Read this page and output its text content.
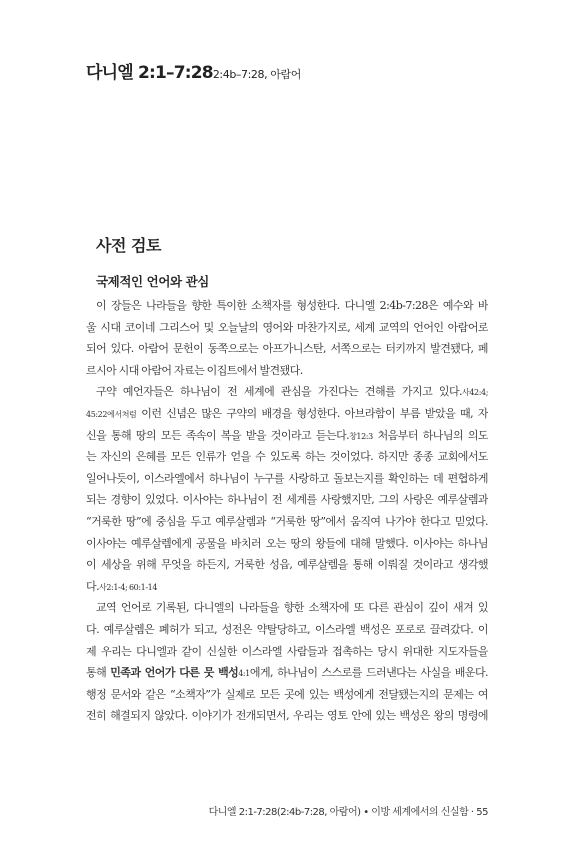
다니엘 2:1–7:282:4b–7:28, 아람어
사전 검토
국제적인 언어와 관심
이 장들은 나라들을 향한 특이한 소책자를 형성한다. 다니엘 2:4b-7:28은 예수와 바
울 시대 코이네 그리스어 및 오늘날의 영어와 마찬가지로, 세계 교역의 언어인 아람어로
되어 있다. 아람어 문헌이 동쪽으로는 아프가니스탄, 서쪽으로는 터키까지 발견됐다, 페
르시아 시대 아람어 자료는 이집트에서 발견됐다.
구약 예언자들은 하나님이 전 세계에 관심을 가진다는 견해를 가지고 있다.사42:4;
45:22에서처럼 이런 신념은 많은 구약의 배경을 형성한다. 아브라함이 부름 받았을 때, 자
신을 통해 땅의 모든 족속이 복을 받을 것이라고 듣는다.창12:3 처음부터 하나님의 의도
는 자신의 은혜를 모든 인류가 얻을 수 있도록 하는 것이었다. 하지만 종종 교회에서도
일어나듯이, 이스라엘에서 하나님이 누구를 사랑하고 돌보는지를 확인하는 데 편협하게
되는 경향이 있었다. 이사야는 하나님이 전 세계를 사랑했지만, 그의 사랑은 예루살렘과
“거룩한 땅”에 중심을 두고 예루살렘과 “거룩한 땅”에서 움직여 나가야 한다고 믿었다.
이사야는 예루살렘에게 공물을 바치러 오는 땅의 왕들에 대해 말했다. 이사야는 하나님
이 세상을 위해 무엇을 하든지, 거룩한 성읍, 예루살렘을 통해 이뤄질 것이라고 생각했
다.사2:1-4; 60:1-14
교역 언어로 기록된, 다니엘의 나라들을 향한 소책자에 또 다른 관심이 깊이 새겨 있
다. 예루살렘은 폐허가 되고, 성전은 약탈당하고, 이스라엘 백성은 포로로 끌려갔다. 이
제 우리는 다니엘과 같이 신실한 이스라엘 사람들과 접촉하는 당시 위대한 지도자들을
통해 민족과 언어가 다른 뭇 백성4:1에게, 하나님이 스스로를 드러낸다는 사실을 배운다.
행정 문서와 같은 “소책자”가 실제로 모든 곳에 있는 백성에게 전달됐는지의 문제는 여
전히 해결되지 않았다. 이야기가 전개되면서, 우리는 영토 안에 있는 백성은 왕의 명령에
다니엘 2:1-7:28(2:4b-7:28, 아람어) • 이방 세계에서의 신실함 · 55
